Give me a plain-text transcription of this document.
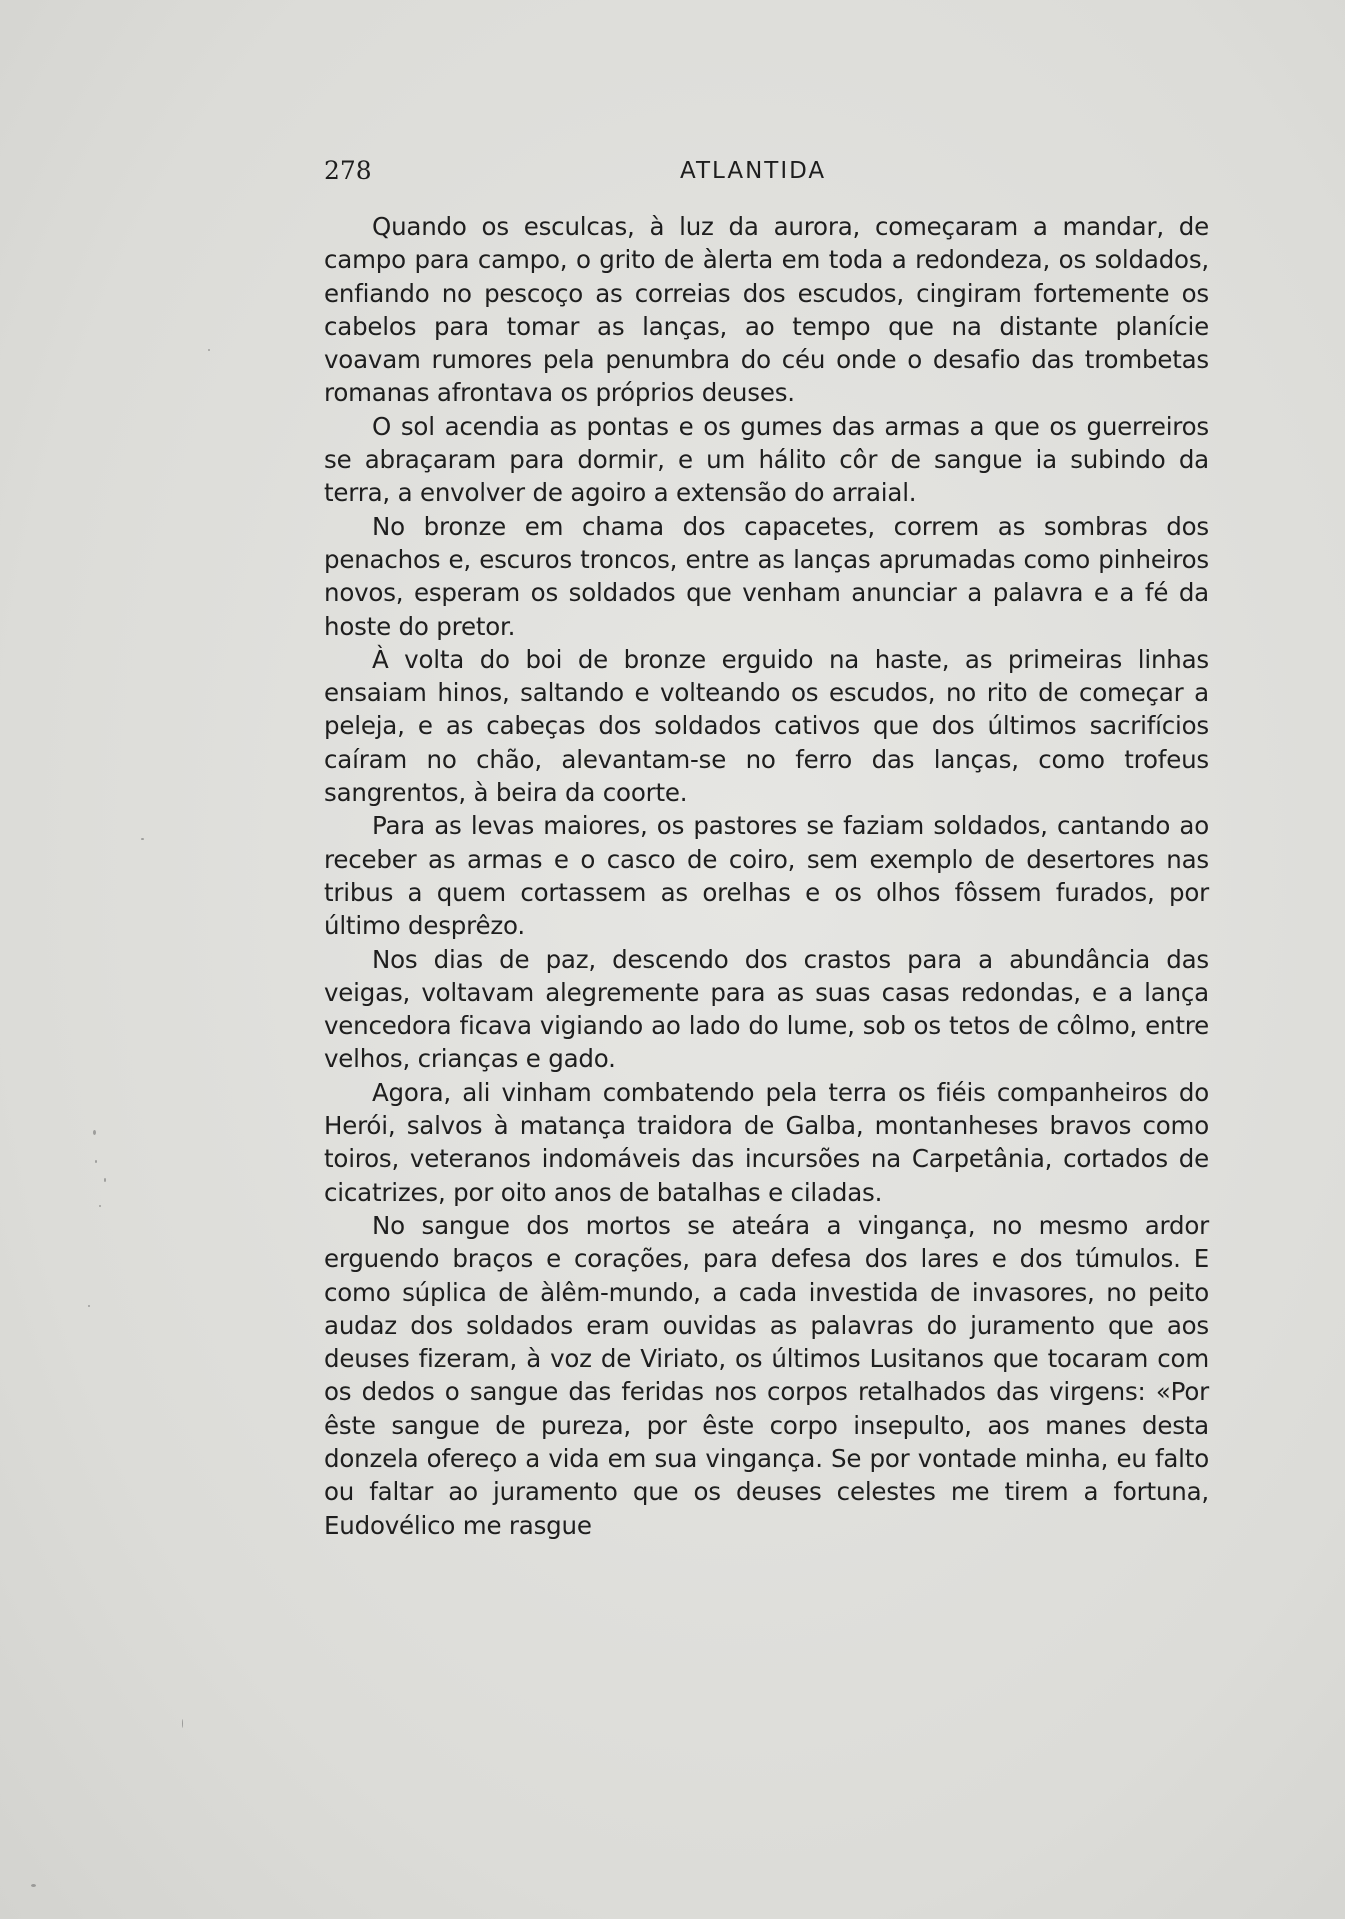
278	ATLANTIDA

Quando os esculcas, à luz da aurora, começaram a mandar, de campo para campo, o grito de àlerta em toda a redondeza, os soldados, enfiando no pescoço as correias dos escudos, cingiram fortemente os cabelos para tomar as lanças, ao tempo que na distante planície voavam rumores pela penumbra do céu onde o desafio das trombetas romanas afrontava os próprios deuses.

O sol acendia as pontas e os gumes das armas a que os guerreiros se abraçaram para dormir, e um hálito côr de sangue ia subindo da terra, a envolver de agoiro a extensão do arraial.

No bronze em chama dos capacetes, correm as sombras dos penachos e, escuros troncos, entre as lanças aprumadas como pinheiros novos, esperam os soldados que venham anunciar a palavra e a fé da hoste do pretor.

À volta do boi de bronze erguido na haste, as primeiras linhas ensaiam hinos, saltando e volteando os escudos, no rito de começar a peleja, e as cabeças dos soldados cativos que dos últimos sacrifícios caíram no chão, alevantam-se no ferro das lanças, como trofeus sangrentos, à beira da coorte.

Para as levas maiores, os pastores se faziam soldados, cantando ao receber as armas e o casco de coiro, sem exemplo de desertores nas tribus a quem cortassem as orelhas e os olhos fôssem furados, por último desprêzo.

Nos dias de paz, descendo dos crastos para a abundância das veigas, voltavam alegremente para as suas casas redondas, e a lança vencedora ficava vigiando ao lado do lume, sob os tetos de côlmo, entre velhos, crianças e gado.

Agora, ali vinham combatendo pela terra os fiéis companheiros do Herói, salvos à matança traidora de Galba, montanheses bravos como toiros, veteranos indomáveis das incursões na Carpetânia, cortados de cicatrizes, por oito anos de batalhas e ciladas.

No sangue dos mortos se ateára a vingança, no mesmo ardor erguendo braços e corações, para defesa dos lares e dos túmulos. E como súplica de àlêm-mundo, a cada investida de invasores, no peito audaz dos soldados eram ouvidas as palavras do juramento que aos deuses fizeram, à voz de Viriato, os últimos Lusitanos que tocaram com os dedos o sangue das feridas nos corpos retalhados das virgens: «Por êste sangue de pureza, por êste corpo insepulto, aos manes desta donzela ofereço a vida em sua vingança. Se por vontade minha, eu falto ou faltar ao juramento que os deuses celestes me tirem a fortuna, Eudovélico me rasgue
